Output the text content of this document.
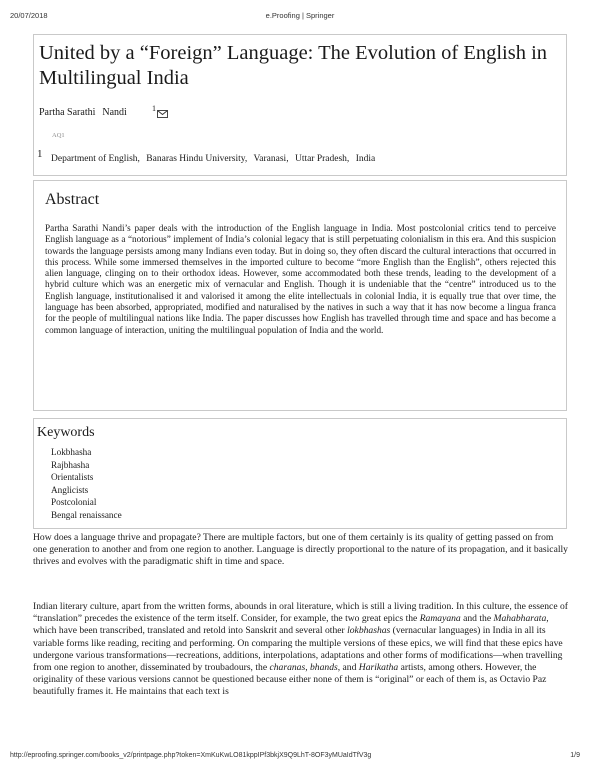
20/07/2018	e.Proofing | Springer
United by a “Foreign” Language: The Evolution of English in Multilingual India
Partha Sarathi Nandi	1
AQ1
1 Department of English, Banaras Hindu University, Varanasi, Uttar Pradesh, India
Abstract

Partha Sarathi Nandi’s paper deals with the introduction of the English language in India. Most postcolonial critics tend to perceive English language as a “notorious” implement of India’s colonial legacy that is still perpetuating colonialism in this era. And this suspicion towards the language persists among many Indians even today. But in doing so, they often discard the cultural interactions that occurred in this process. While some immersed themselves in the imported culture to become “more English than the English”, others rejected this alien language, clinging on to their orthodox ideas. However, some accommodated both these trends, leading to the development of a hybrid culture which was an energetic mix of vernacular and English. Though it is undeniable that the “centre” introduced us to the English language, institutionalised it and valorised it among the elite intellectuals in colonial India, it is equally true that over time, the language has been absorbed, appropriated, modified and naturalised by the natives in such a way that it has now become a lingua franca for the people of multilingual nations like India. The paper discusses how English has travelled through time and space and has become a common language of interaction, uniting the multilingual population of India and the world.

Keywords
Lokbhasha
Rajbhasha
Orientalists
Anglicists
Postcolonial
Bengal renaissance

How does a language thrive and propagate? There are multiple factors, but one of them certainly is its quality of getting passed on from one generation to another and from one region to another. Language is directly proportional to the nature of its propagation, and it basically thrives and evolves with the paradigmatic shift in time and space.

Indian literary culture, apart from the written forms, abounds in oral literature, which is still a living tradition. In this culture, the essence of “translation” precedes the existence of the term itself. Consider, for example, the two great epics the Ramayana and the Mahabharata, which have been transcribed, translated and retold into Sanskrit and several other lokbhashas (vernacular languages) in India in all its variable forms like reading, reciting and performing. On comparing the multiple versions of these epics, we will find that these epics have undergone various transformations—recreations, additions, interpolations, adaptations and other forms of modifications—when travelling from one region to another, disseminated by troubadours, the charanas, bhands, and Harikatha artists, among others. However, the originality of these various versions cannot be questioned because either none of them is “original” or each of them is, as Octavio Paz beautifully frames it. He maintains that each text is

http://eproofing.springer.com/books_v2/printpage.php?token=XmKuKwLO81kppIPf3bkjX9Q9LhT-8OF3yMUaIdTfV3g	1/9
